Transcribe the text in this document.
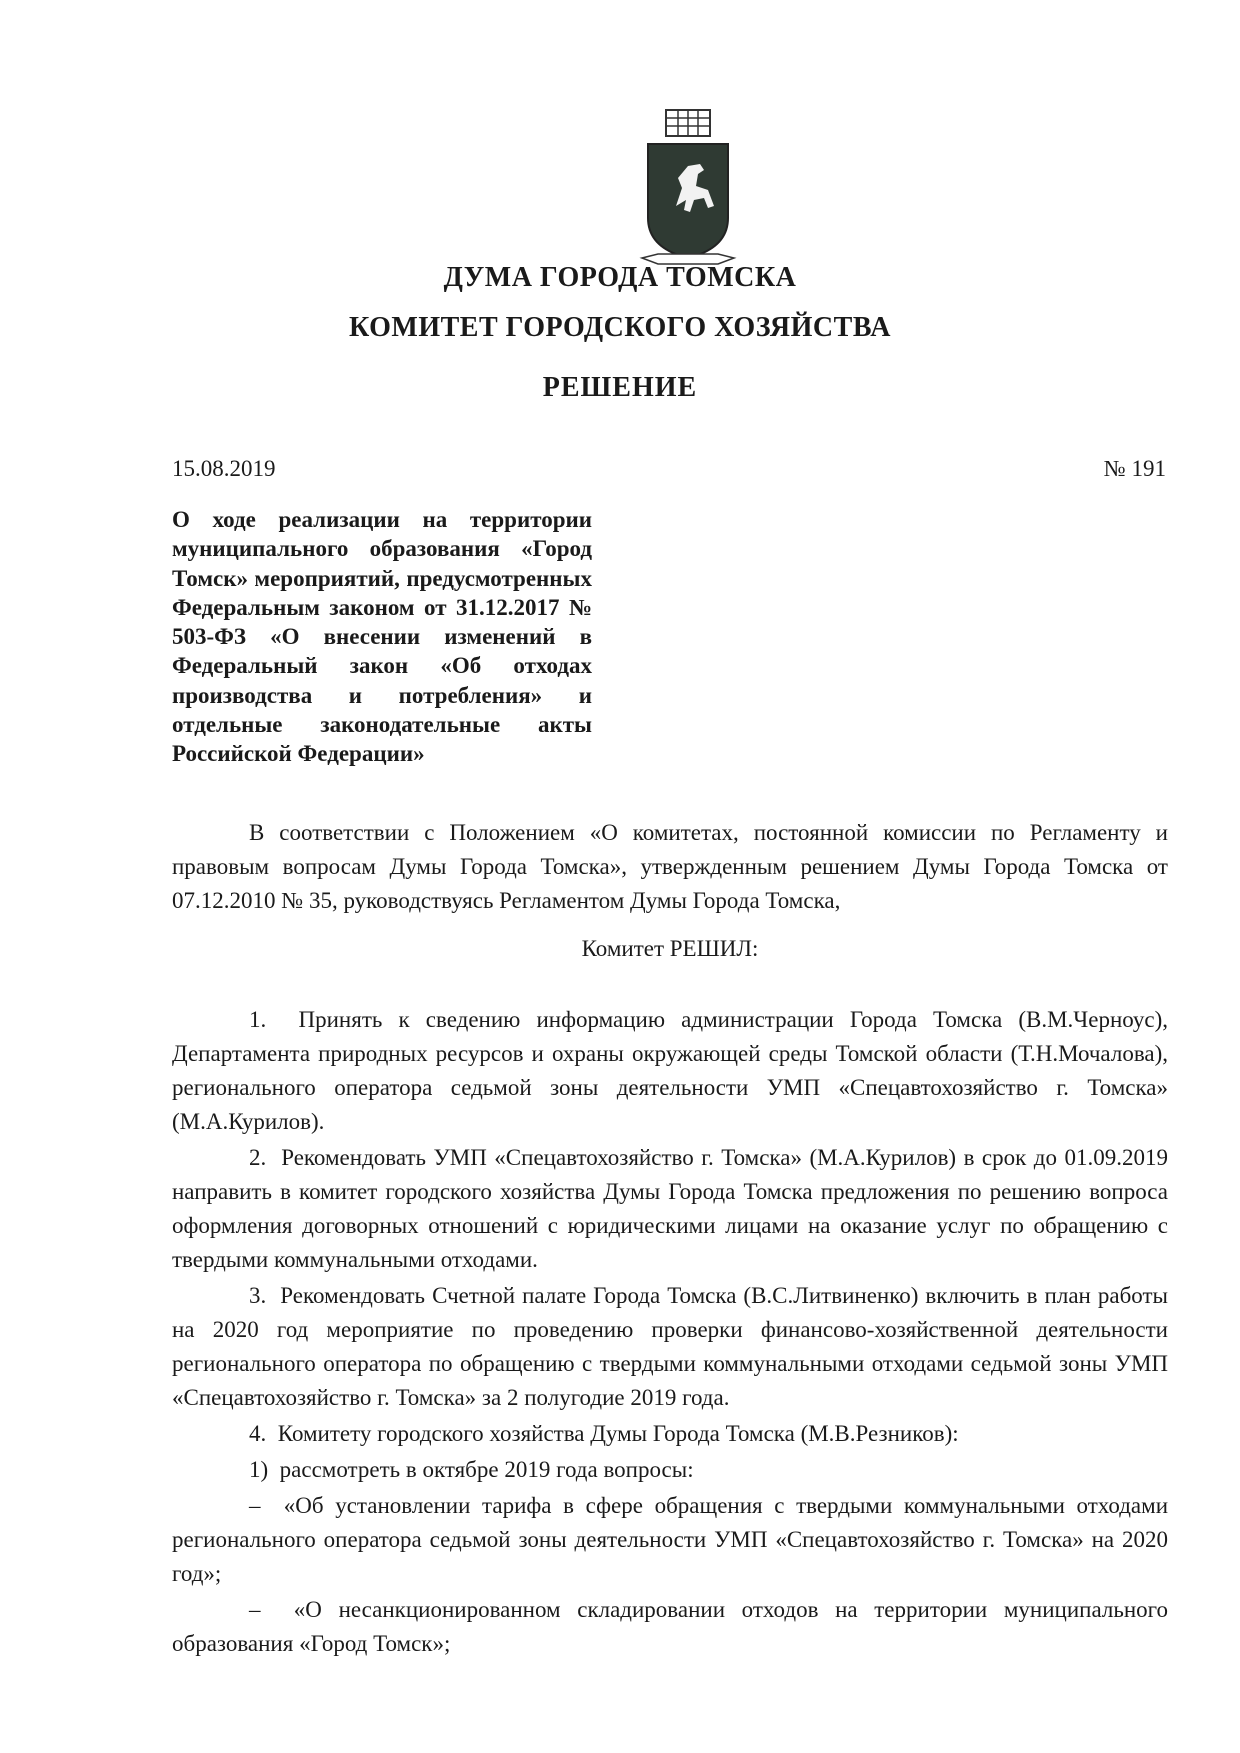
ДУМА ГОРОДА ТОМСКА
КОМИТЕТ ГОРОДСКОГО ХОЗЯЙСТВА
РЕШЕНИЕ
15.08.2019	№ 191
О ходе реализации на территории муниципального образования «Город Томск» мероприятий, предусмотренных Федеральным законом от 31.12.2017 № 503-ФЗ «О внесении изменений в Федеральный закон «Об отходах производства и потребления» и отдельные законодательные акты Российской Федерации»

В соответствии с Положением «О комитетах, постоянной комиссии по Регламенту и правовым вопросам Думы Города Томска», утвержденным решением Думы Города Томска от 07.12.2010 № 35, руководствуясь Регламентом Думы Города Томска,

Комитет РЕШИЛ:

1.  Принять к сведению информацию администрации Города Томска (В.М.Черноус), Департамента природных ресурсов и охраны окружающей среды Томской области (Т.Н.Мочалова), регионального оператора седьмой зоны деятельности УМП «Спецавтохозяйство г. Томска» (М.А.Курилов).

2.  Рекомендовать УМП «Спецавтохозяйство г. Томска» (М.А.Курилов) в срок до 01.09.2019 направить в комитет городского хозяйства Думы Города Томска предложения по решению вопроса оформления договорных отношений с юридическими лицами на оказание услуг по обращению с твердыми коммунальными отходами.

3.  Рекомендовать Счетной палате Города Томска (В.С.Литвиненко) включить в план работы на 2020 год мероприятие по проведению проверки финансово-хозяйственной деятельности регионального оператора по обращению с твердыми коммунальными отходами седьмой зоны УМП «Спецавтохозяйство г. Томска» за 2 полугодие 2019 года.

4.  Комитету городского хозяйства Думы Города Томска (М.В.Резников):

1)  рассмотреть в октябре 2019 года вопросы:

–  «Об установлении тарифа в сфере обращения с твердыми коммунальными отходами регионального оператора седьмой зоны деятельности УМП «Спецавтохозяйство г. Томска» на 2020 год»;

–  «О несанкционированном складировании отходов на территории муниципального образования «Город Томск»;
